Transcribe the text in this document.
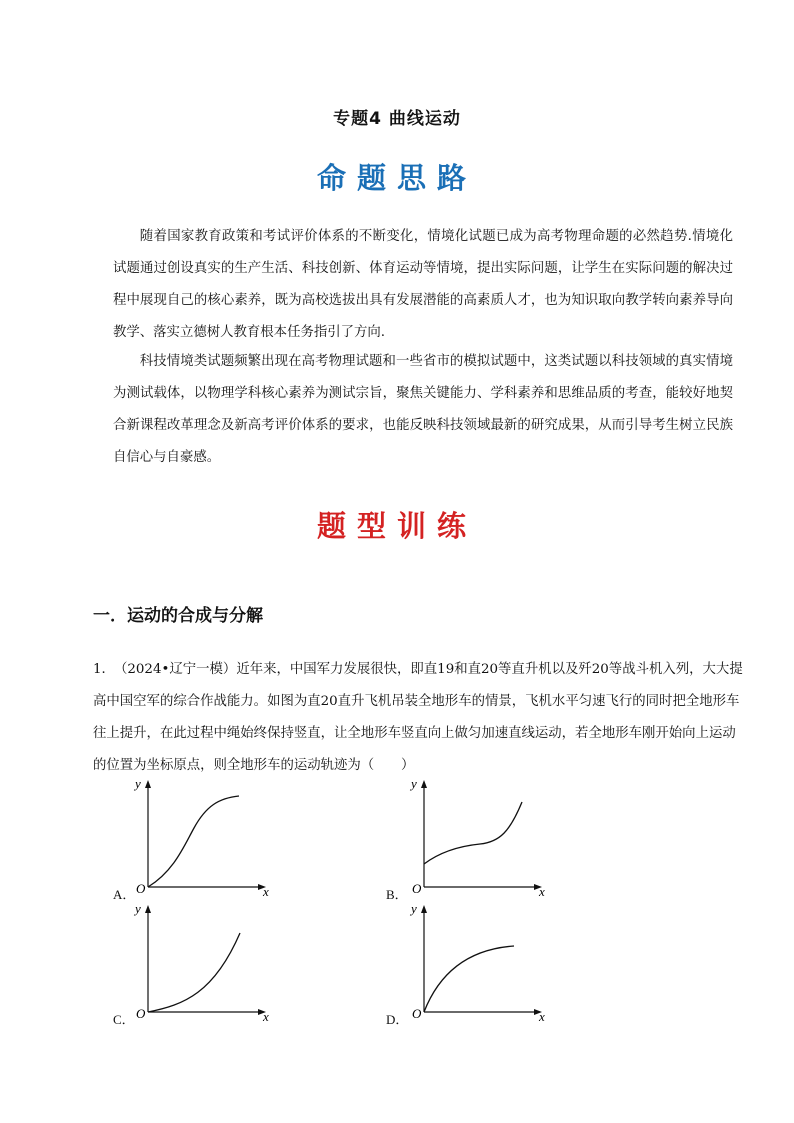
专题4 曲线运动
命题思路

随着国家教育政策和考试评价体系的不断变化，情境化试题已成为高考物理命题的必然趋势.情境化试题通过创设真实的生产生活、科技创新、体育运动等情境，提出实际问题，让学生在实际问题的解决过程中展现自己的核心素养，既为高校选拔出具有发展潜能的高素质人才，也为知识取向教学转向素养导向教学、落实立德树人教育根本任务指引了方向.

科技情境类试题频繁出现在高考物理试题和一些省市的模拟试题中，这类试题以科技领域的真实情境为测试载体，以物理学科核心素养为测试宗旨，聚焦关键能力、学科素养和思维品质的考查，能较好地契合新课程改革理念及新高考评价体系的要求，也能反映科技领域最新的研究成果，从而引导考生树立民族自信心与自豪感。

题型训练
一．运动的合成与分解
1．（2024•辽宁一模）近年来，中国军力发展很快，即直19和直20等直升机以及歼20等战斗机入列，大大提高中国空军的综合作战能力。如图为直20直升飞机吊装全地形车的情景，飞机水平匀速飞行的同时把全地形车往上提升，在此过程中绳始终保持竖直，让全地形车竖直向上做匀加速直线运动，若全地形车刚开始向上运动的位置为坐标原点，则全地形车的运动轨迹为（　　）
A．
y
x
O	B．
y
x
O
C．
y
x
O	D．
y
x
O
